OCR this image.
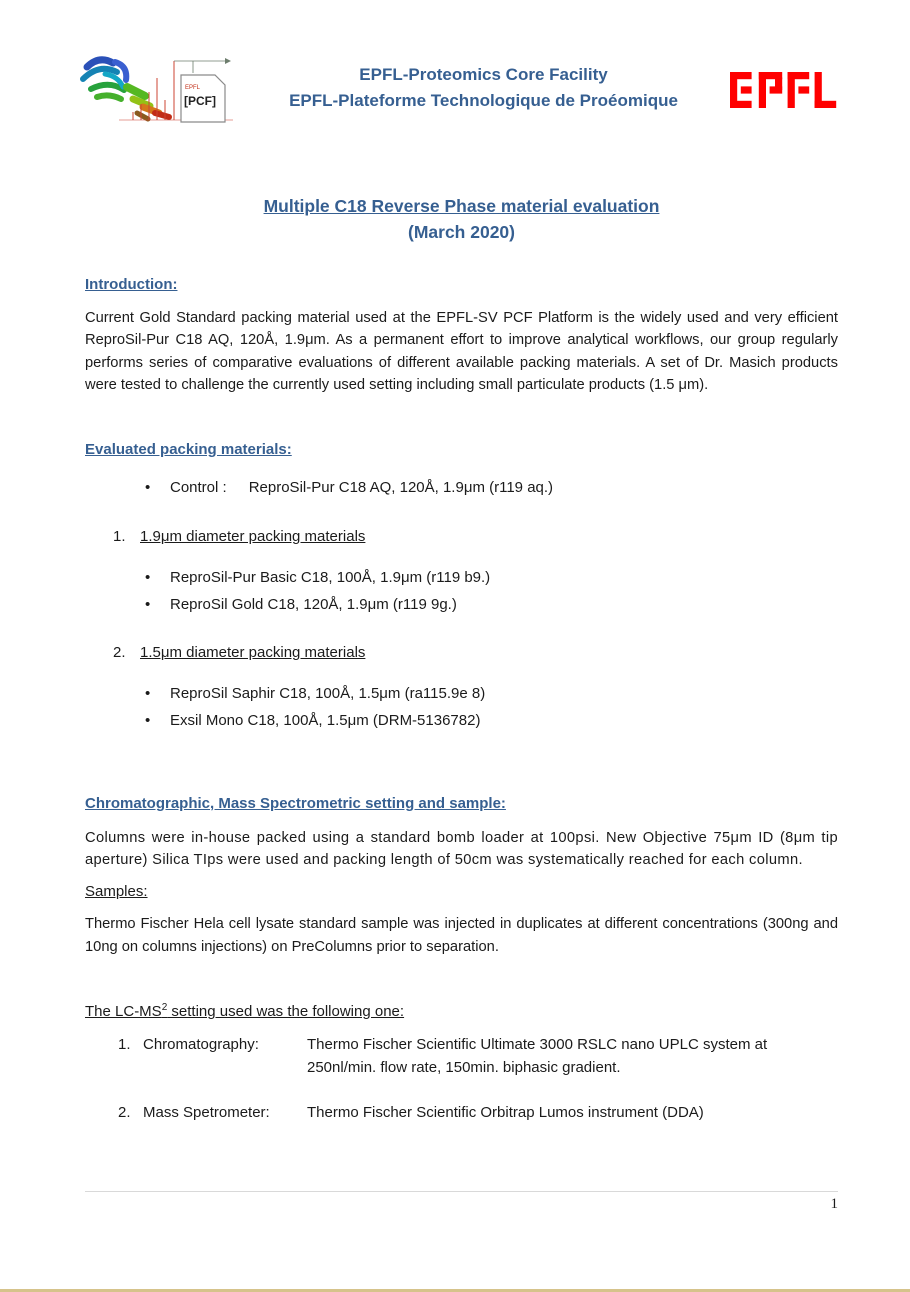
EPFL
[PCF]
EPFL-Proteomics Core Facility
EPFL-Plateforme Technologique de Proéomique
Multiple C18 Reverse Phase material evaluation
(March 2020)
Introduction:

Current Gold Standard packing material used at the EPFL-SV PCF Platform is the widely used and very efficient ReproSil-Pur C18 AQ, 120Å, 1.9μm. As a permanent effort to improve analytical workflows, our group regularly performs series of comparative evaluations of different available packing materials. A set of Dr. Masich products were tested to challenge the currently used setting including small particulate products (1.5 μm).

Evaluated packing materials:
• Control : ReproSil-Pur C18 AQ, 120Å, 1.9μm (r119 aq.)
1. 1.9μm diameter packing materials
• ReproSil-Pur Basic C18, 100Å, 1.9μm (r119 b9.)
• ReproSil Gold C18, 120Å, 1.9μm (r119 9g.)
2. 1.5μm diameter packing materials
• ReproSil Saphir C18, 100Å, 1.5μm (ra115.9e 8)
• Exsil Mono C18, 100Å, 1.5μm (DRM-5136782)
Chromatographic, Mass Spectrometric setting and sample:

Columns were in-house packed using a standard bomb loader at 100psi. New Objective 75μm ID (8μm tip aperture) Silica TIps were used and packing length of 50cm was systematically reached for each column.

Samples:

Thermo Fischer Hela cell lysate standard sample was injected in duplicates at different concentrations (300ng and 10ng on columns injections) on PreColumns prior to separation.

The $LC-MS^2$ setting used was the following one:
1. Chromatography:	Thermo Fischer Scientific Ultimate 3000 RSLC nano UPLC system at 250nl/min. flow rate, 150min. biphasic gradient.
2. Mass Spetrometer:	Thermo Fischer Scientific Orbitrap Lumos instrument (DDA)
1
